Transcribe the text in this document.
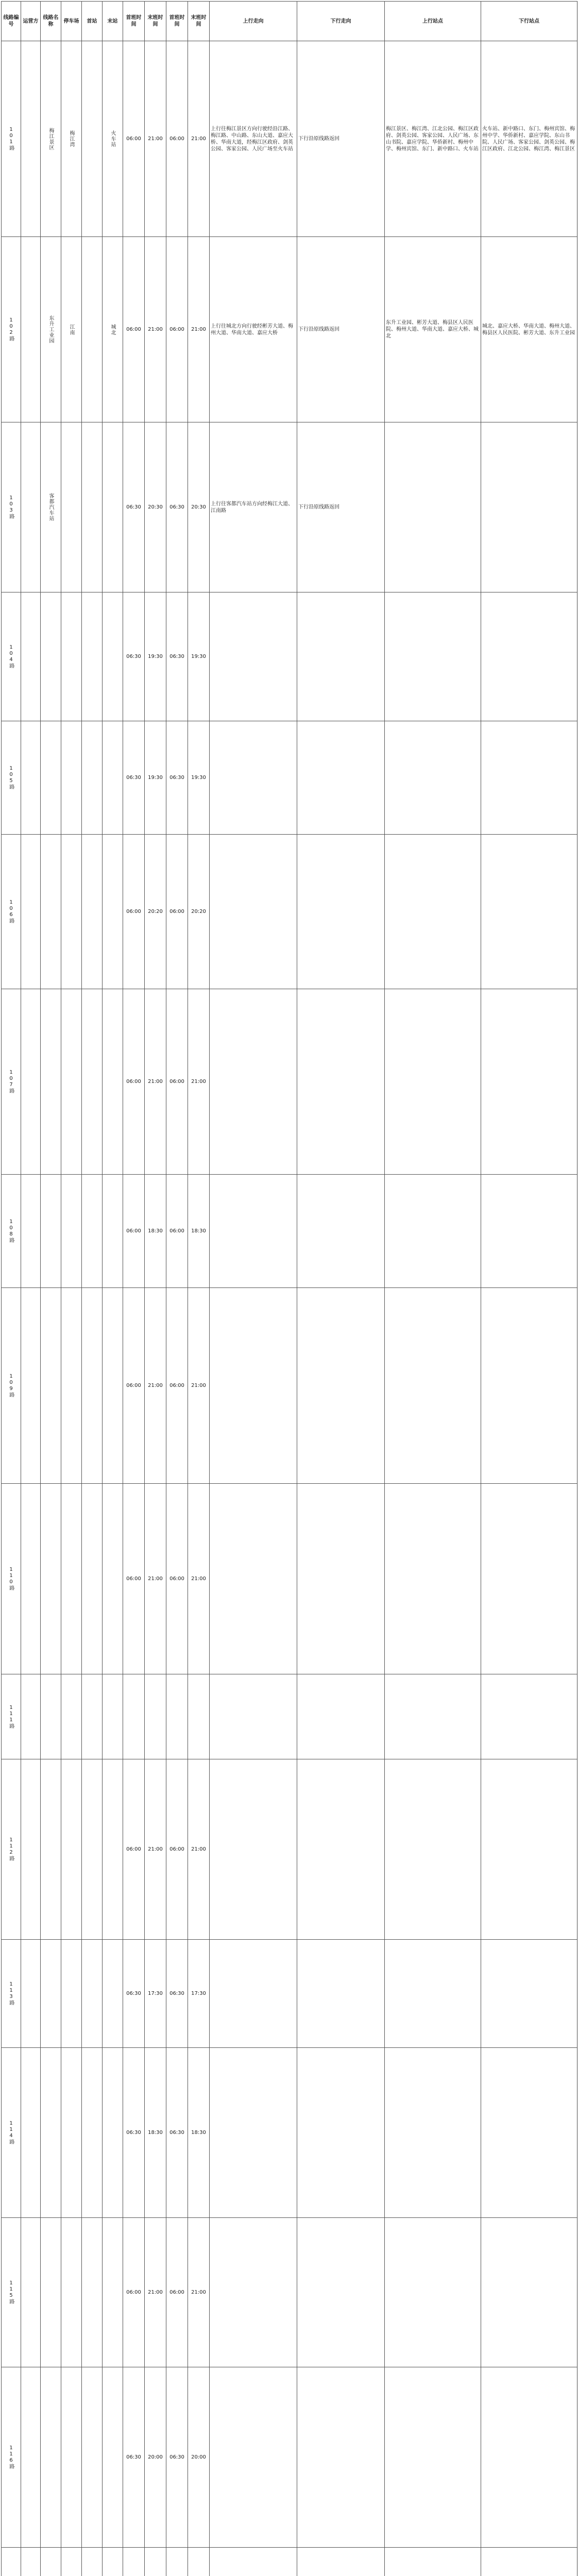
线路编号	运营方	线路名称	停车场	首站	末站	首班时间	末班时间	首班时间	末班时间	上行走向	下行走向	上行站点	下行站点
101路		梅江景区	梅江湾		火车站	06:00	21:00	06:00	21:00	上行往梅江景区方向行驶经沿江路、梅江路、中山路、东山大道、嘉应大桥、华南大道，经梅江区政府、剑英公园、客家公园、人民广场至火车站	下行沿原线路返回	梅江景区、梅江湾、江北公园、梅江区政府、剑英公园、客家公园、人民广场、东山书院、嘉应学院、华侨新村、梅州中学、梅州宾馆、东门、新中路口、火车站	火车站、新中路口、东门、梅州宾馆、梅州中学、华侨新村、嘉应学院、东山书院、人民广场、客家公园、剑英公园、梅江区政府、江北公园、梅江湾、梅江景区
102路		东升工业园	江南		城北	06:00	21:00	06:00	21:00	上行往城北方向行驶经彬芳大道、梅州大道、华南大道、嘉应大桥	下行沿原线路返回	东升工业园、彬芳大道、梅县区人民医院、梅州大道、华南大道、嘉应大桥、城北	城北、嘉应大桥、华南大道、梅州大道、梅县区人民医院、彬芳大道、东升工业园
103路		客都汽车站				06:30	20:30	06:30	20:30	上行往客都汽车站方向经梅江大道、江南路	下行沿原线路返回		
104路						06:30	19:30	06:30	19:30				
105路						06:30	19:30	06:30	19:30				
106路						06:00	20:20	06:00	20:20				
107路						06:00	21:00	06:00	21:00				
108路						06:00	18:30	06:00	18:30				
109路						06:00	21:00	06:00	21:00				
110路						06:00	21:00	06:00	21:00				
111路													
112路						06:00	21:00	06:00	21:00				
113路						06:30	17:30	06:30	17:30				
114路						06:30	18:30	06:30	18:30				
115路						06:00	21:00	06:00	21:00				
116路						06:30	20:00	06:30	20:00				
